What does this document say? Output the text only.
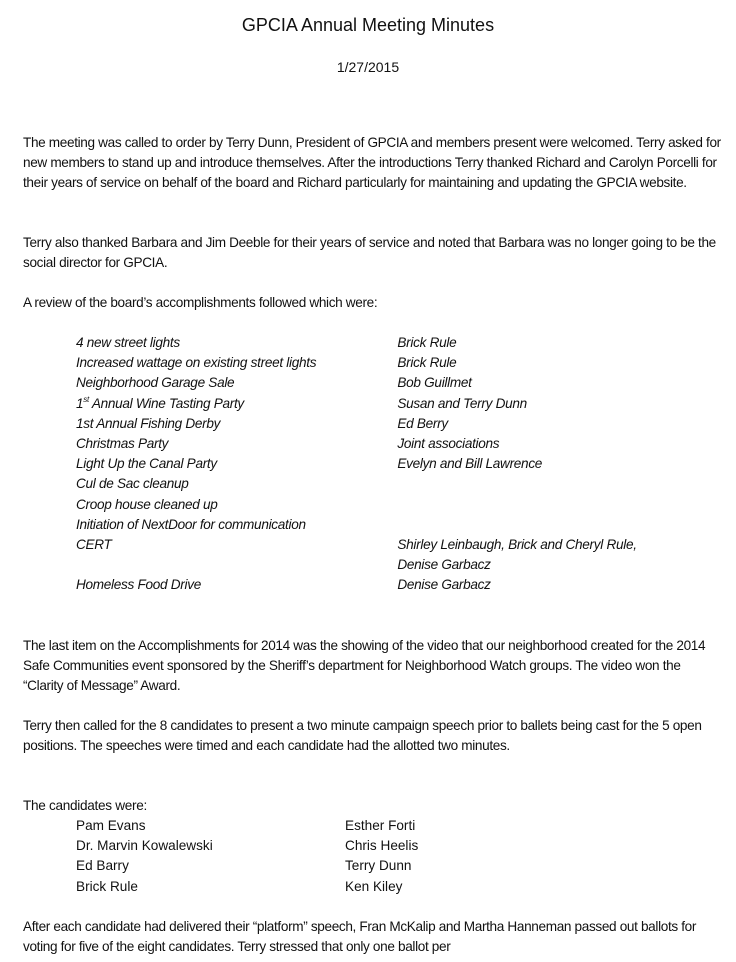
GPCIA Annual Meeting Minutes
1/27/2015

The meeting was called to order by Terry Dunn, President of GPCIA and members present were welcomed. Terry asked for new members to stand up and introduce themselves. After the introductions Terry thanked Richard and Carolyn Porcelli for their years of service on behalf of the board and Richard particularly for maintaining and updating the GPCIA website.

Terry also thanked Barbara and Jim Deeble for their years of service and noted that Barbara was no longer going to be the social director for GPCIA.

A review of the board’s accomplishments followed which were:

4 new street lights	Brick Rule
Increased wattage on existing street lights	Brick Rule
Neighborhood Garage Sale	Bob Guillmet
1st Annual Wine Tasting Party	Susan and Terry Dunn
1st Annual Fishing Derby	Ed Berry
Christmas Party	Joint associations
Light Up the Canal Party	Evelyn and Bill Lawrence
Cul de Sac cleanup
Croop house cleaned up
Initiation of NextDoor for communication
CERT	Shirley Leinbaugh, Brick and Cheryl Rule,
Denise Garbacz
Homeless Food Drive	Denise Garbacz

The last item on the Accomplishments for 2014 was the showing of the video that our neighborhood created for the 2014 Safe Communities event sponsored by the Sheriff’s department for Neighborhood Watch groups. The video won the “Clarity of Message” Award.

Terry then called for the 8 candidates to present a two minute campaign speech prior to ballets being cast for the 5 open positions. The speeches were timed and each candidate had the allotted two minutes.

The candidates were:
Pam Evans	Esther Forti
Dr. Marvin Kowalewski	Chris Heelis
Ed Barry	Terry Dunn
Brick Rule	Ken Kiley

After each candidate had delivered their “platform” speech, Fran McKalip and Martha Hanneman passed out ballots for voting for five of the eight candidates. Terry stressed that only one ballot per
